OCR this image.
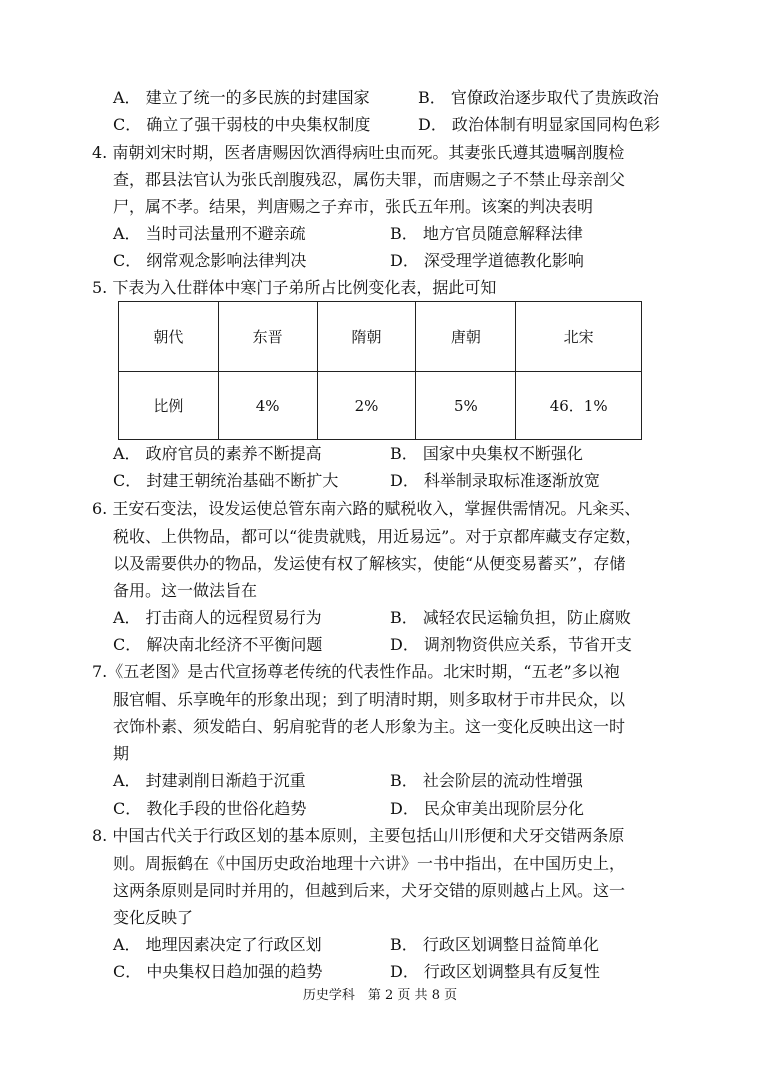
A． 建立了统一的多民族的封建国家	B． 官僚政治逐步取代了贵族政治
C． 确立了强干弱枝的中央集权制度	D． 政治体制有明显家国同构色彩
4. 南朝刘宋时期，医者唐赐因饮酒得病吐虫而死。其妻张氏遵其遗嘱剖腹检
查，郡县法官认为张氏剖腹残忍，属伤夫罪，而唐赐之子不禁止母亲剖父
尸，属不孝。结果，判唐赐之子弃市，张氏五年刑。该案的判决表明
A． 当时司法量刑不避亲疏	B． 地方官员随意解释法律
C． 纲常观念影响法律判决	D． 深受理学道德教化影响
5. 下表为入仕群体中寒门子弟所占比例变化表，据此可知
朝代	东晋	隋朝	唐朝	北宋
比例	4%	2%	5%	46．1%
A． 政府官员的素养不断提高	B． 国家中央集权不断强化
C． 封建王朝统治基础不断扩大	D． 科举制录取标准逐渐放宽
6. 王安石变法，设发运使总管东南六路的赋税收入，掌握供需情况。凡籴买、
税收、上供物品，都可以“徙贵就贱，用近易远”。对于京都库藏支存定数，
以及需要供办的物品，发运使有权了解核实，使能“从便变易蓄买”，存储
备用。这一做法旨在
A． 打击商人的远程贸易行为	B． 减轻农民运输负担，防止腐败
C． 解决南北经济不平衡问题	D． 调剂物资供应关系，节省开支
7.《五老图》是古代宣扬尊老传统的代表性作品。北宋时期，“五老”多以袍
服官帽、乐享晚年的形象出现；到了明清时期，则多取材于市井民众，以
衣饰朴素、须发皓白、躬肩驼背的老人形象为主。这一变化反映出这一时
期
A． 封建剥削日渐趋于沉重	B． 社会阶层的流动性增强
C． 教化手段的世俗化趋势	D． 民众审美出现阶层分化
8. 中国古代关于行政区划的基本原则，主要包括山川形便和犬牙交错两条原
则。周振鹤在《中国历史政治地理十六讲》一书中指出，在中国历史上，
这两条原则是同时并用的，但越到后来，犬牙交错的原则越占上风。这一
变化反映了
A． 地理因素决定了行政区划	B． 行政区划调整日益简单化
C． 中央集权日趋加强的趋势	D． 行政区划调整具有反复性
历史学科　第 2 页 共 8 页
